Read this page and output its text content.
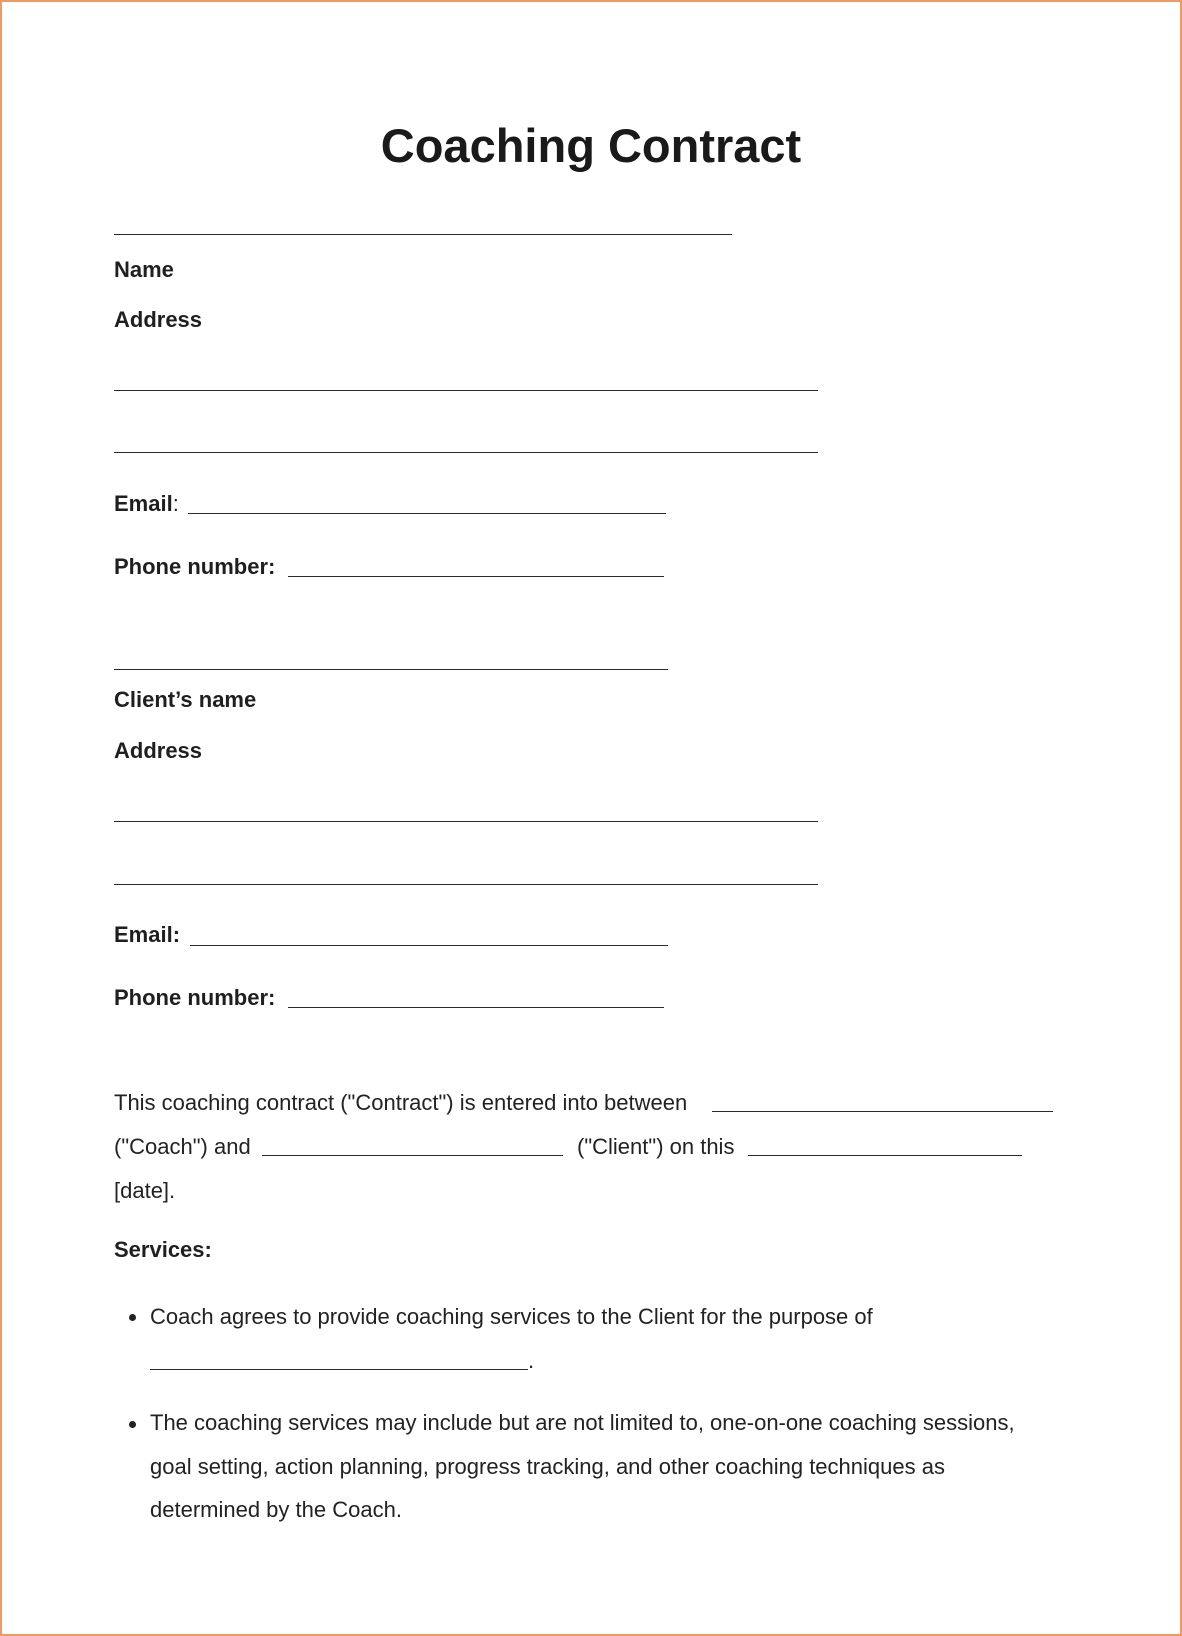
Coaching Contract
Name
Address
Email:
Phone number:
Client’s name
Address
Email:
Phone number:
This coaching contract ("Contract") is entered into between
("Coach") and	("Client") on this
[date].
Services:
Coach agrees to provide coaching services to the Client for the purpose of
.
The coaching services may include but are not limited to, one-on-one coaching sessions,
goal setting, action planning, progress tracking, and other coaching techniques as
determined by the Coach.
